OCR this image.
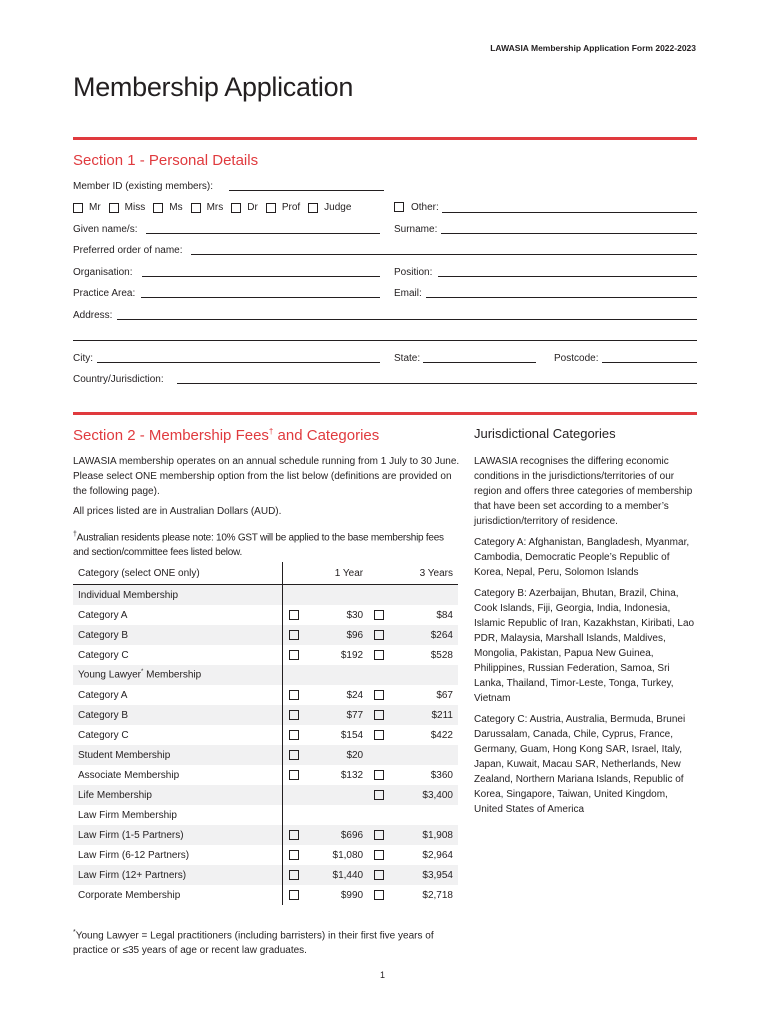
LAWASIA Membership Application Form 2022-2023
Membership Application
Section 1 - Personal Details
Member ID (existing members):
Mr Miss Ms Mrs Dr Prof Judge	Other:
Given name/s:	Surname:
Preferred order of name:
Organisation:	Position:
Practice Area:	Email:
Address:
City:	State:	Postcode:
Country/Jurisdiction:
Section 2 - Membership Fees† and Categories
LAWASIA membership operates on an annual schedule running from 1 July to 30 June. Please select ONE membership option from the list below (definitions are provided on the following page).
All prices listed are in Australian Dollars (AUD).
†Australian residents please note: 10% GST will be applied to the base membership fees and section/committee fees listed below.
Category (select ONE only)		1 Year		3 Years
Individual Membership				
Category A		$30		$84
Category B		$96		$264
Category C		$192		$528
Young Lawyer* Membership				
Category A		$24		$67
Category B		$77		$211
Category C		$154		$422
Student Membership		$20		
Associate Membership		$132		$360
Life Membership				$3,400
Law Firm Membership				
Law Firm (1-5 Partners)		$696		$1,908
Law Firm (6-12 Partners)		$1,080		$2,964
Law Firm (12+ Partners)		$1,440		$3,954
Corporate Membership		$990		$2,718
*Young Lawyer = Legal practitioners (including barristers) in their first five years of practice or ≤35 years of age or recent law graduates.
1
Jurisdictional Categories

LAWASIA recognises the differing economic conditions in the jurisdictions/territories of our region and offers three categories of membership that have been set according to a member’s jurisdiction/territory of residence.

Category A: Afghanistan, Bangladesh, Myanmar, Cambodia, Democratic People’s Republic of Korea, Nepal, Peru, Solomon Islands

Category B: Azerbaijan, Bhutan, Brazil, China, Cook Islands, Fiji, Georgia, India, Indonesia, Islamic Republic of Iran, Kazakhstan, Kiribati, Lao PDR, Malaysia, Marshall Islands, Maldives, Mongolia, Pakistan, Papua New Guinea, Philippines, Russian Federation, Samoa, Sri Lanka, Thailand, Timor-Leste, Tonga, Turkey, Vietnam

Category C: Austria, Australia, Bermuda, Brunei Darussalam, Canada, Chile, Cyprus, France, Germany, Guam, Hong Kong SAR, Israel, Italy, Japan, Kuwait, Macau SAR, Netherlands, New Zealand, Northern Mariana Islands, Republic of Korea, Singapore, Taiwan, United Kingdom, United States of America
